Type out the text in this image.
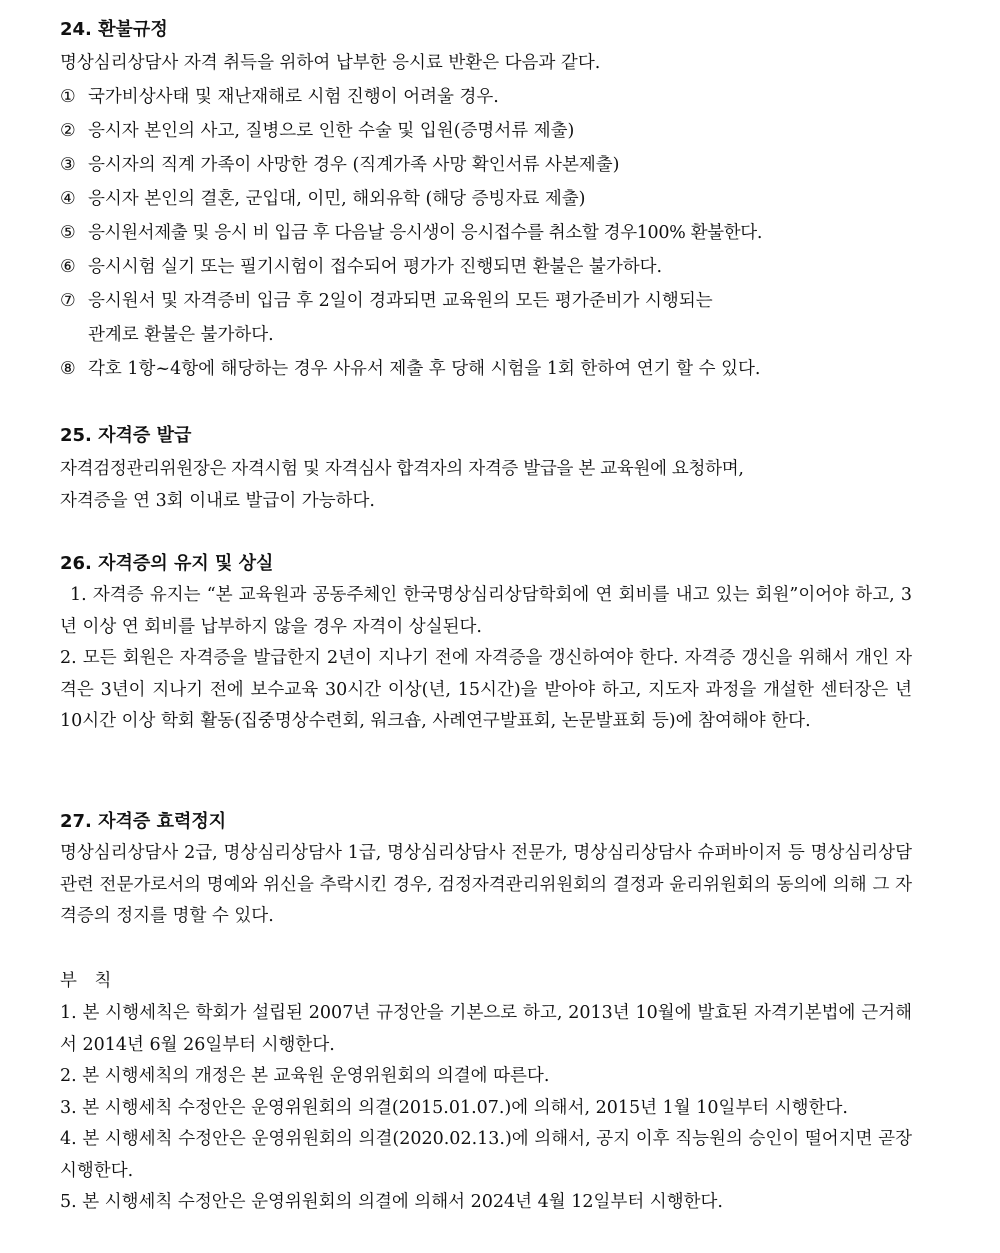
24. 환불규정

명상심리상담사 자격 취득을 위하여 납부한 응시료 반환은 다음과 같다.

① 국가비상사태 및 재난재해로 시험 진행이 어려울 경우.
② 응시자 본인의 사고, 질병으로 인한 수술 및 입원(증명서류 제출)
③ 응시자의 직계 가족이 사망한 경우 (직계가족 사망 확인서류 사본제출)
④ 응시자 본인의 결혼, 군입대, 이민, 해외유학 (해당 증빙자료 제출)
⑤ 응시원서제출 및 응시 비 입금 후 다음날 응시생이 응시접수를 취소할 경우100% 환불한다.
⑥ 응시시험 실기 또는 필기시험이 접수되어 평가가 진행되면 환불은 불가하다.
⑦ 응시원서 및 자격증비 입금 후 2일이 경과되면 교육원의 모든 평가준비가 시행되는
관계로 환불은 불가하다.
⑧ 각호 1항~4항에 해당하는 경우 사유서 제출 후 당해 시험을 1회 한하여 연기 할 수 있다.

25. 자격증 발급

자격검정관리위원장은 자격시험 및 자격심사 합격자의 자격증 발급을 본 교육원에 요청하며,

자격증을 연 3회 이내로 발급이 가능하다.

26. 자격증의 유지 및 상실

1. 자격증 유지는 “본 교육원과 공동주체인 한국명상심리상담학회에 연 회비를 내고 있는 회원”이어야 하고, 3년 이상 연 회비를 납부하지 않을 경우 자격이 상실된다.

2. 모든 회원은 자격증을 발급한지 2년이 지나기 전에 자격증을 갱신하여야 한다. 자격증 갱신을 위해서 개인 자격은 3년이 지나기 전에 보수교육 30시간 이상(년, 15시간)을 받아야 하고, 지도자 과정을 개설한 센터장은 년 10시간 이상 학회 활동(집중명상수련회, 워크숍, 사례연구발표회, 논문발표회 등)에 참여해야 한다.

27. 자격증 효력정지

명상심리상담사 2급, 명상심리상담사 1급, 명상심리상담사 전문가, 명상심리상담사 슈퍼바이저 등 명상심리상담 관련 전문가로서의 명예와 위신을 추락시킨 경우, 검정자격관리위원회의 결정과 윤리위원회의 동의에 의해 그 자격증의 정지를 명할 수 있다.

부 칙

1. 본 시행세칙은 학회가 설립된 2007년 규정안을 기본으로 하고, 2013년 10월에 발효된 자격기본법에 근거해서 2014년 6월 26일부터 시행한다.

2. 본 시행세칙의 개정은 본 교육원 운영위원회의 의결에 따른다.

3. 본 시행세칙 수정안은 운영위원회의 의결(2015.01.07.)에 의해서, 2015년 1월 10일부터 시행한다.

4. 본 시행세칙 수정안은 운영위원회의 의결(2020.02.13.)에 의해서, 공지 이후 직능원의 승인이 떨어지면 곧장 시행한다.

5. 본 시행세칙 수정안은 운영위원회의 의결에 의해서 2024년 4월 12일부터 시행한다.
